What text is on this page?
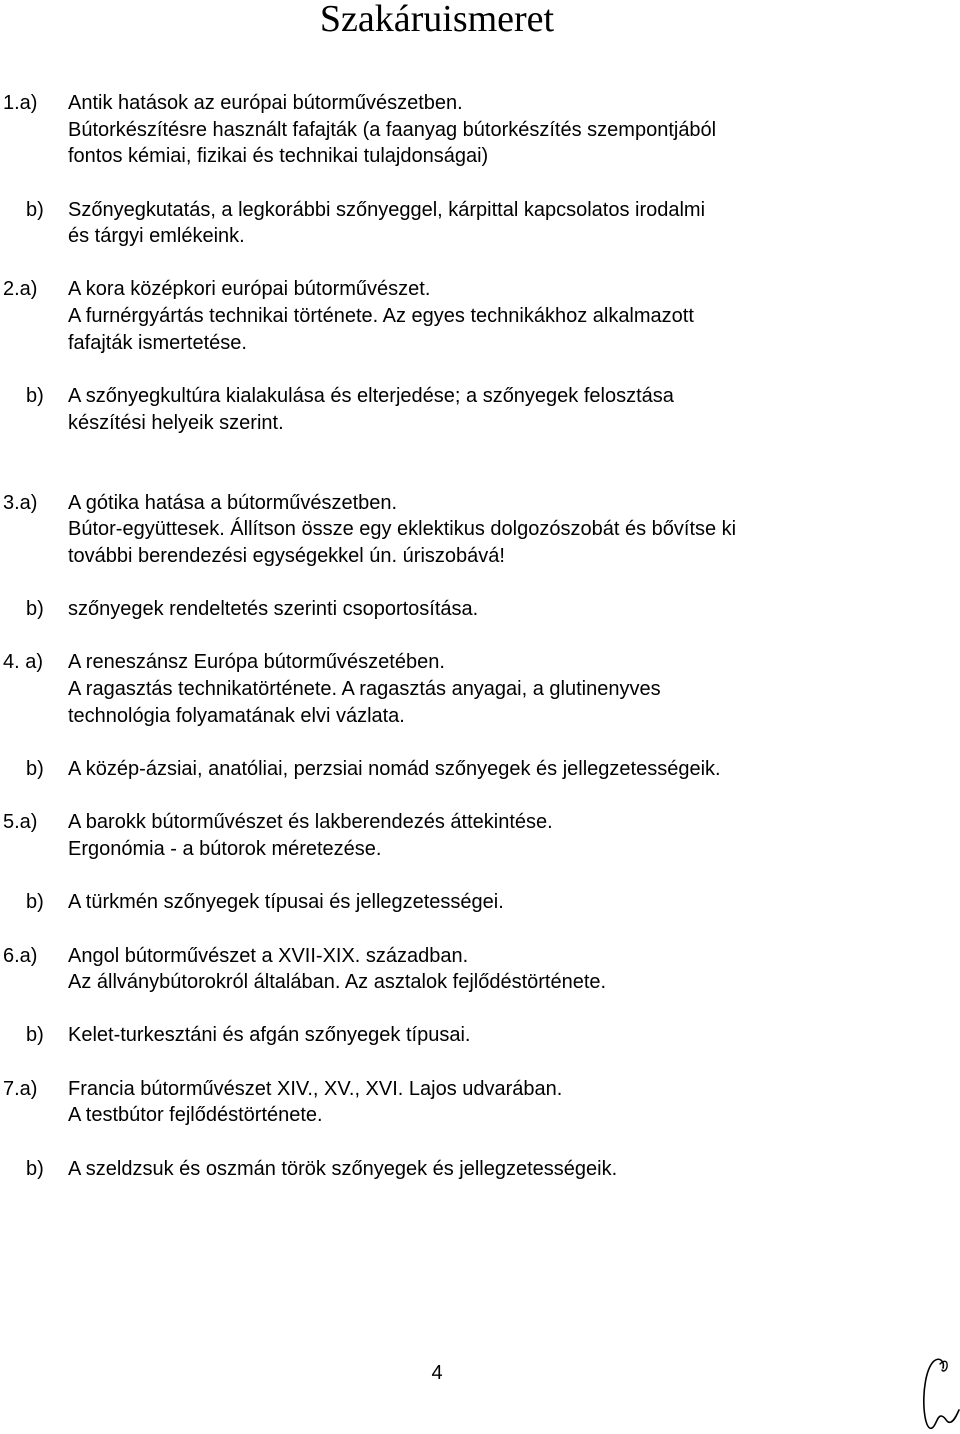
Szakáruismeret
1.a) Antik hatások az európai bútorművészetben.
Bútorkészítésre használt fafajták (a faanyag bútorkészítés szempontjából
fontos kémiai, fizikai és technikai tulajdonságai)
b) Szőnyegkutatás, a legkorábbi szőnyeggel, kárpittal kapcsolatos irodalmi
és tárgyi emlékeink.
2.a) A kora középkori európai bútorművészet.
A furnérgyártás technikai története. Az egyes technikákhoz alkalmazott
fafajták ismertetése.
b) A szőnyegkultúra kialakulása és elterjedése; a szőnyegek felosztása
készítési helyeik szerint.
3.a) A gótika hatása a bútorművészetben.
Bútor-együttesek. Állítson össze egy eklektikus dolgozószobát és bővítse ki
további berendezési egységekkel ún. úriszobává!
b) szőnyegek rendeltetés szerinti csoportosítása.
4. a) A reneszánsz Európa bútorművészetében.
A ragasztás technikatörténete. A ragasztás anyagai, a glutinenyves
technológia folyamatának elvi vázlata.
b) A közép-ázsiai, anatóliai, perzsiai nomád szőnyegek és jellegzetességeik.
5.a) A barokk bútorművészet és lakberendezés áttekintése.
Ergonómia - a bútorok méretezése.
b) A türkmén szőnyegek típusai és jellegzetességei.
6.a) Angol bútorművészet a XVII-XIX. században.
Az állványbútorokról általában. Az asztalok fejlődéstörténete.
b) Kelet-turkesztáni és afgán szőnyegek típusai.
7.a) Francia bútorművészet XIV., XV., XVI. Lajos udvarában.
A testbútor fejlődéstörténete.
b) A szeldzsuk és oszmán török szőnyegek és jellegzetességeik.
4
